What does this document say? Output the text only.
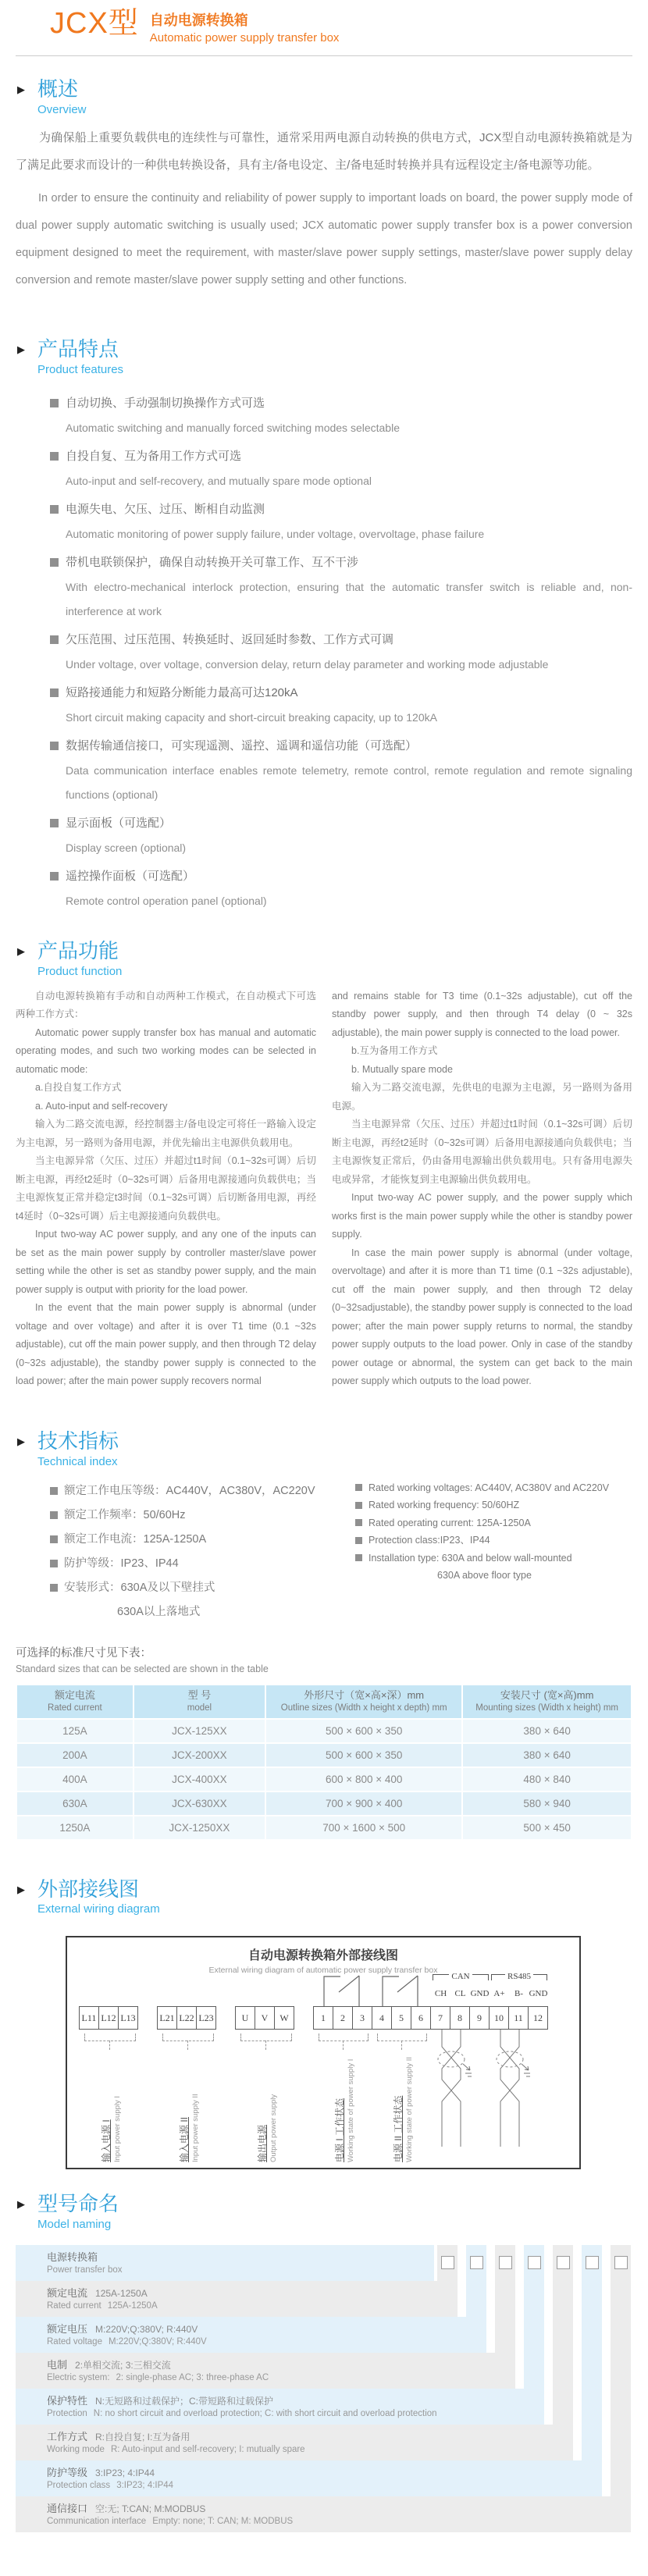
JCX型 自动电源转换箱
Automatic power supply transfer box
▶ 概述
Overview

为确保船上重要负载供电的连续性与可靠性，通常采用两电源自动转换的供电方式，JCX型自动电源转换箱就是为了满足此要求而设计的一种供电转换设备，具有主/备电设定、主/备电延时转换并具有远程设定主/备电源等功能。

In order to ensure the continuity and reliability of power supply to important loads on board, the power supply mode of dual power supply automatic switching is usually used; JCX automatic power supply transfer box is a power conversion equipment designed to meet the requirement, with master/slave power supply settings, master/slave power supply delay conversion and remote master/slave power supply setting and other functions.

▶ 产品特点
Product features
自动切换、手动强制切换操作方式可选
Automatic switching and manually forced switching modes selectable
自投自复、互为备用工作方式可选
Auto-input and self-recovery, and mutually spare mode optional
电源失电、欠压、过压、断相自动监测
Automatic monitoring of power supply failure, under voltage, overvoltage, phase failure
带机电联锁保护，确保自动转换开关可靠工作、互不干涉
With electro-mechanical interlock protection, ensuring that the automatic transfer switch is reliable and, non-interference at work
欠压范围、过压范围、转换延时、返回延时参数、工作方式可调
Under voltage, over voltage, conversion delay, return delay parameter and working mode adjustable
短路接通能力和短路分断能力最高可达120kA
Short circuit making capacity and short-circuit breaking capacity, up to 120kA
数据传输通信接口，可实现遥测、遥控、遥调和遥信功能（可选配）
Data communication interface enables remote telemetry, remote control, remote regulation and remote signaling functions (optional)
显示面板（可选配）
Display screen (optional)
遥控操作面板（可选配）
Remote control operation panel (optional)
▶ 产品功能
Product function

自动电源转换箱有手动和自动两种工作模式，在自动模式下可选两种工作方式：

Automatic power supply transfer box has manual and automatic operating modes, and such two working modes can be selected in automatic mode:

a.自投自复工作方式

a. Auto-input and self-recovery

输入为二路交流电源，经控制器主/备电设定可将任一路输入设定为主电源，另一路则为备用电源，并优先输出主电源供负载用电。

当主电源异常（欠压、过压）并超过t1时间（0.1~32s可调）后切断主电源，再经t2延时（0~32s可调）后备用电源接通向负载供电；当主电源恢复正常并稳定t3时间（0.1~32s可调）后切断备用电源，再经t4延时（0~32s可调）后主电源接通向负载供电。

Input two-way AC power supply, and any one of the inputs can be set as the main power supply by controller master/slave power setting while the other is set as standby power supply, and the main power supply is output with priority for the load power.

In the event that the main power supply is abnormal (under voltage and over voltage) and after it is over T1 time (0.1 ~32s adjustable), cut off the main power supply, and then through T2 delay (0~32s adjustable), the standby power supply is connected to the load power; after the main power supply recovers normal

and remains stable for T3 time (0.1~32s adjustable), cut off the standby power supply, and then through T4 delay (0 ~ 32s adjustable), the main power supply is connected to the load power.

b.互为备用工作方式

b. Mutually spare mode

输入为二路交流电源，先供电的电源为主电源，另一路则为备用电源。

当主电源异常（欠压、过压）并超过t1时间（0.1~32s可调）后切断主电源，再经t2延时（0~32s可调）后备用电源接通向负载供电；当主电源恢复正常后，仍由备用电源输出供负载用电。只有备用电源失电或异常，才能恢复到主电源输出供负载用电。

Input two-way AC power supply, and the power supply which works first is the main power supply while the other is standby power supply.

In case the main power supply is abnormal (under voltage, overvoltage) and after it is more than T1 time (0.1 ~32s adjustable), cut off the main power supply, and then through T2 delay (0~32sadjustable), the standby power supply is connected to the load power; after the main power supply returns to normal, the standby power supply outputs to the load power. Only in case of the standby power outage or abnormal, the system can get back to the main power supply which outputs to the load power.

▶ 技术指标
Technical index
额定工作电压等级：AC440V，AC380V，AC220V
额定工作频率：50/60Hz
额定工作电流：125A-1250A
防护等级：IP23、IP44
安装形式：630A及以下壁挂式
630A以上落地式
Rated working voltages: AC440V, AC380V and AC220V
Rated working frequency: 50/60HZ
Rated operating current: 125A-1250A
Protection class:IP23、IP44
Installation type: 630A and below wall-mounted
630A above floor type
可选择的标准尺寸见下表：
Standard sizes that can be selected are shown in the table
额定电流
Rated current	型 号
model	外形尺寸（宽×高×深）mm
Outline sizes (Width x height x depth) mm	安装尺寸 (宽×高)mm
Mounting sizes (Width x height) mm

125A	JCX-125XX	500 × 600 × 350	380 × 640
200A	JCX-200XX	500 × 600 × 350	380 × 640
400A	JCX-400XX	600 × 800 × 400	480 × 840
630A	JCX-630XX	700 × 900 × 400	580 × 940
1250A	JCX-1250XX	700 × 1600 × 500	500 × 450
▶ 外部接线图
External wiring diagram
自动电源转换箱外部接线图
External wiring diagram of automatic power supply transfer box
CAN	RS485
CH CL GND A+	B- GND
L11 L12 L13	L21 L22 L23	U	V	W	1	2	3	4	5	6	7	8	9	10	11	12
输入电源 I Input power supply I	输入电源 II Input power supply II	输出电源 Output power supply	电源 I 工作状态 Working state of power supply I	电源 II 工作状态 Working state of power supply II
▶ 型号命名
Model naming
电源转换箱
Power transfer box
额定电流 125A-1250A
Rated current 125A-1250A
额定电压 M:220V;Q:380V; R:440V
Rated voltage M:220V;Q:380V; R:440V
电制 2:单相交流; 3:三相交流
Electric system: 2: single-phase AC; 3: three-phase AC
保护特性 N:无短路和过载保护；C:带短路和过载保护
Protection N: no short circuit and overload protection; C: with short circuit and overload protection
工作方式 R:自投自复; I:互为备用
Working mode R: Auto-input and self-recovery; I: mutually spare
防护等级 3:IP23; 4:IP44
Protection class 3:IP23; 4:IP44
通信接口 空:无; T:CAN; M:MODBUS
Communication interface Empty: none; T: CAN; M: MODBUS
